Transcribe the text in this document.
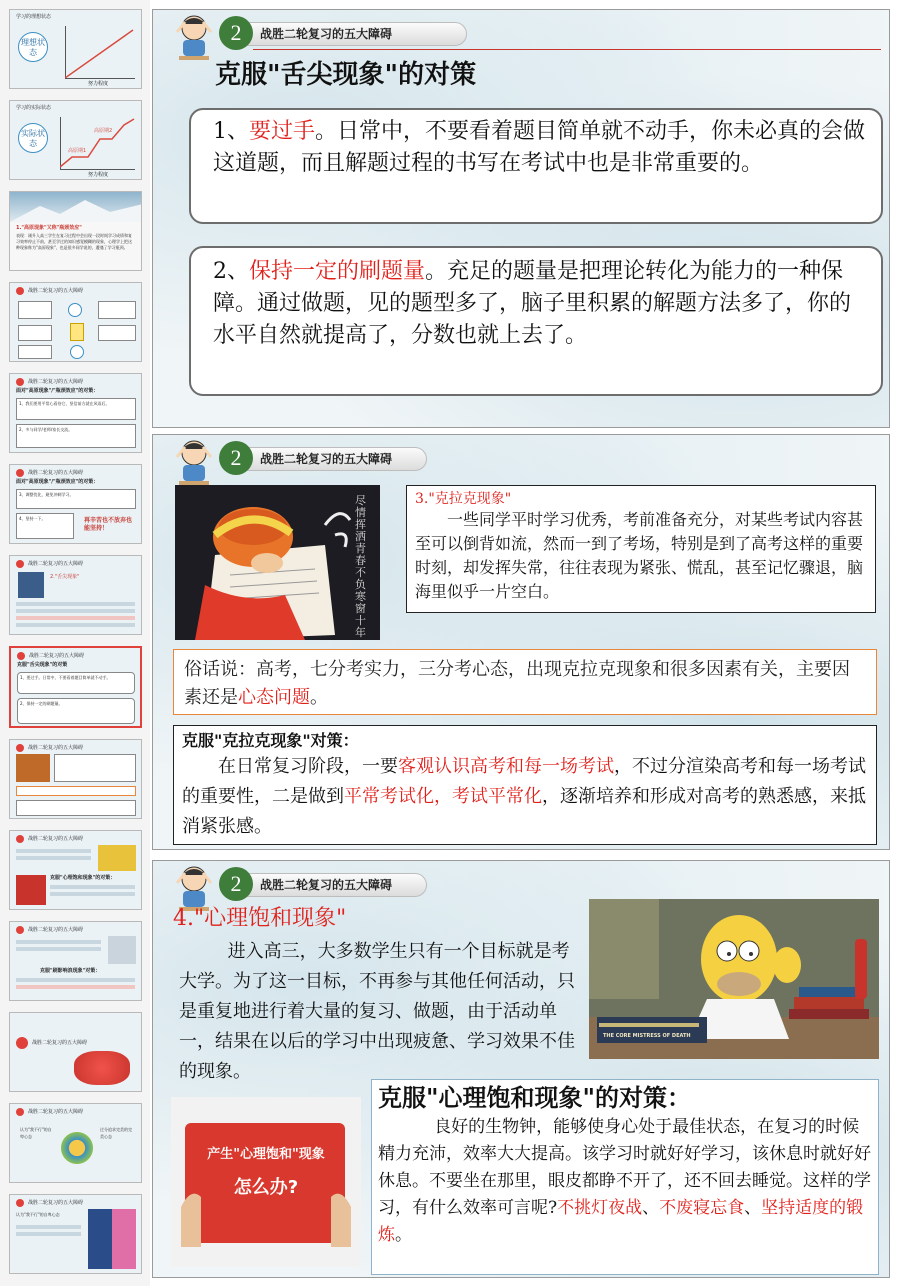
学习的理想状态
理想状态
努力程度
学习的实际状态
实际状态
高原期2
高原期1
努力程度
1."高原现象"又称"瓶颈效应"
表现：刚升入高三学生在复习过程中会出现一段时间学习成绩和复习效率停止不前，甚至学过的知识感觉模糊的现象，心理学上把这种现象称为"高原现象"，也是很多同学说的，遭遇了学习瓶颈。
战胜二轮复习的五大障碍
战胜二轮复习的五大障碍
面对"高原现象"/"瓶颈效应"的对策：
1、我们要用平常心看待它，坚信前方就在风雨后。
2、多与同学/老师/家长交流。
战胜二轮复习的五大障碍
面对"高原现象"/"瓶颈效应"的对策：
3、调整优化，避免冲刺学习。
4、坚持一下。	再辛苦也不放弃也能坚持！
战胜二轮复习的五大障碍
2."舌尖现象"
战胜二轮复习的五大障碍
克服"舌尖现象"的对策
1、要过手。日常中，不要看着题目简单就不动手。
2、保持一定的刷题量。
战胜二轮复习的五大障碍
战胜二轮复习的五大障碍
克服"心理饱和现象"的对策：
战胜二轮复习的五大障碍
克服"刷影响浪现象"对策：
战胜二轮复习的五大障碍
战胜二轮复习的五大障碍
认为"我不行"的自卑心态
过分追求完美的完美心态
战胜二轮复习的五大障碍
认为"我不行"的自卑心态
战胜二轮复习的五大障碍
2
克服"舌尖现象"的对策
1、要过手。日常中，不要看着题目简单就不动手，你未必真的会做这道题，而且解题过程的书写在考试中也是非常重要的。
2、保持一定的刷题量。充足的题量是把理论转化为能力的一种保障。通过做题，见的题型多了，脑子里积累的解题方法多了，你的水平自然就提高了，分数也就上去了。
战胜二轮复习的五大障碍
2
尽情挥洒青春 不负寒窗十年
3."克拉克现象"
一些同学平时学习优秀，考前准备充分，对某些考试内容甚至可以倒背如流，然而一到了考场，特别是到了高考这样的重要时刻，却发挥失常，往往表现为紧张、慌乱，甚至记忆骤退，脑海里似乎一片空白。
俗话说：高考，七分考实力，三分考心态，出现克拉克现象和很多因素有关，主要因素还是心态问题。
克服"克拉克现象"对策：
在日常复习阶段，一要客观认识高考和每一场考试，不过分渲染高考和每一场考试的重要性，二是做到平常考试化，考试平常化，逐渐培养和形成对高考的熟悉感，来抵消紧张感。
战胜二轮复习的五大障碍
2
4."心理饱和现象"
进入高三，大多数学生只有一个目标就是考大学。为了这一目标，不再参与其他任何活动，只是重复地进行着大量的复习、做题，由于活动单一，结果在以后的学习中出现疲惫、学习效果不佳的现象。
THE CORE MISTRESS OF DEATH
产生"心理饱和"现象
怎么办?
克服"心理饱和现象"的对策：
良好的生物钟，能够使身心处于最佳状态，在复习的时候精力充沛，效率大大提高。该学习时就好好学习，该休息时就好好休息。不要坐在那里，眼皮都睁不开了，还不回去睡觉。这样的学习，有什么效率可言呢?不挑灯夜战、不废寝忘食、坚持适度的锻炼。
